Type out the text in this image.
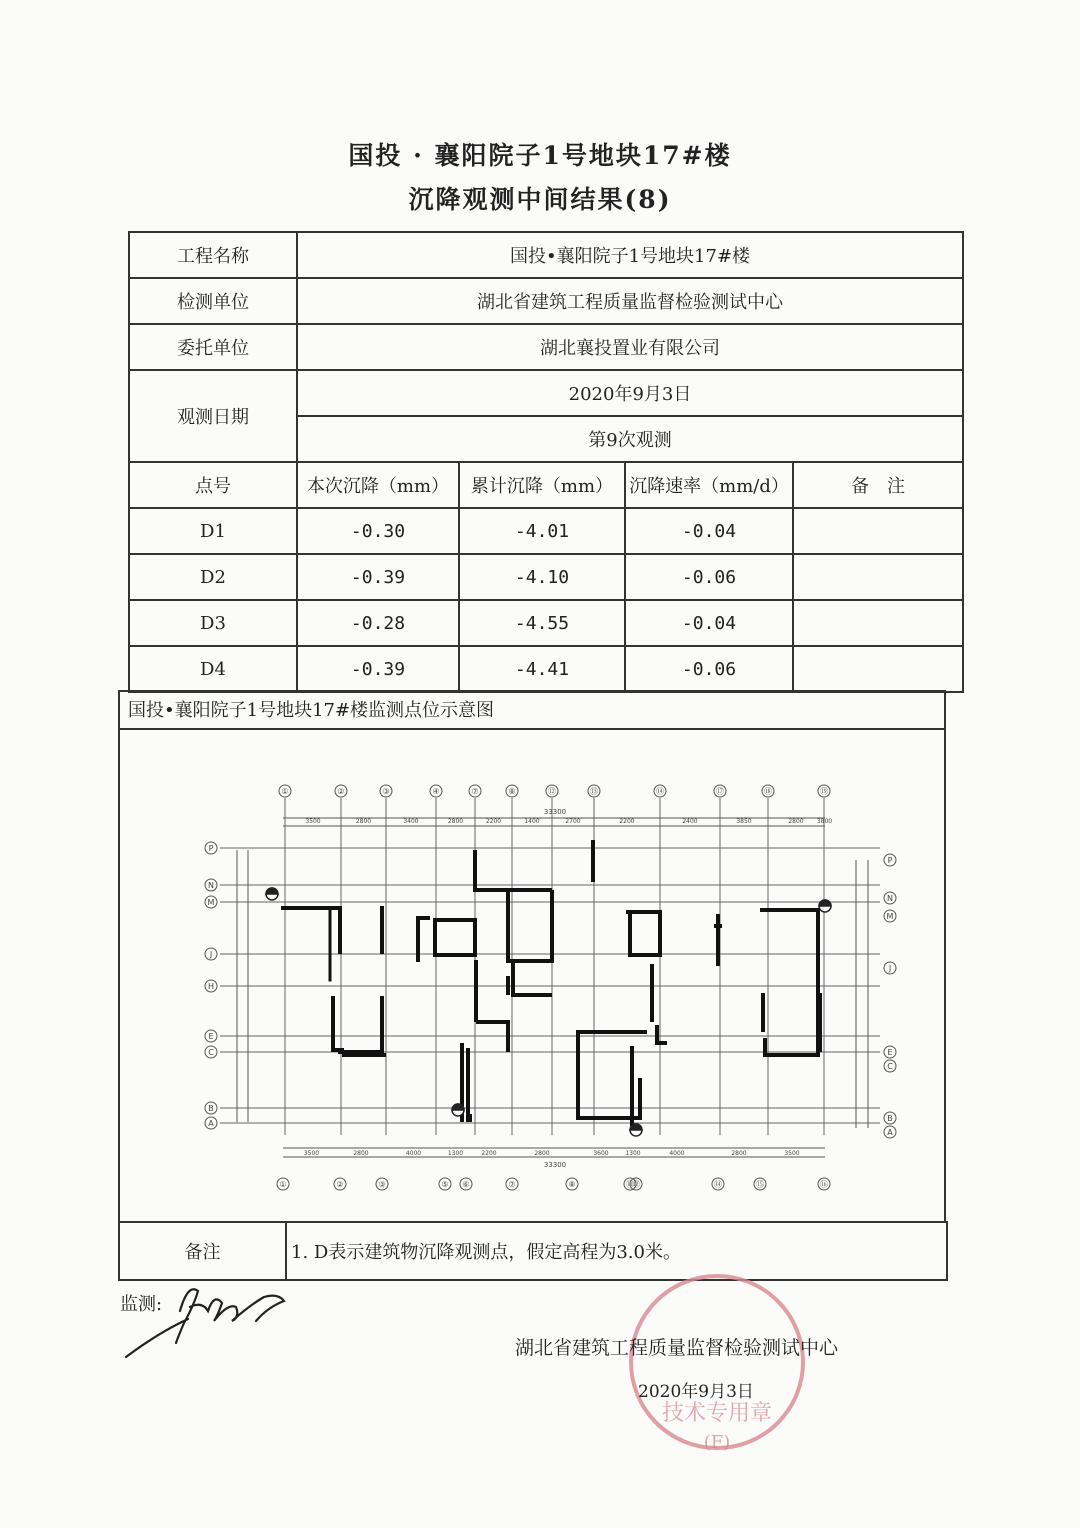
国投 · 襄阳院子1号地块17#楼
沉降观测中间结果(8)
工程名称	国投•襄阳院子1号地块17#楼			
检测单位	湖北省建筑工程质量监督检验测试中心			
委托单位	湖北襄投置业有限公司			
观测日期	2020年9月3日			
	第9次观测			
点号	本次沉降（mm）	累计沉降（mm）	沉降速率（mm/d）	备　注
D1	-0.30	-4.01	-0.04	
D2	-0.39	-4.10	-0.06	
D3	-0.28	-4.55	-0.04	
D4	-0.39	-4.41	-0.06	
国投•襄阳院子1号地块17#楼监测点位示意图
①	②	③	④	⑦	⑧	⑫	⑬	⑭	⑰	⑱	⑲
①	②	③	⑤ ⑥	⑦	⑧	⑪
⑫	⑭	⑮	⑯
P
N
M
J
H
E
C
B
A
P
N
M
J
E
C
B
A
33300
3500	2800	3400	2800	2200	1400	2700	2200	2400	3850	2800 3800
3500	2800	4000	1300	2200	2800	3600	1300	4000	2800	3500
33300
备注	1. D表示建筑物沉降观测点，假定高程为3.0米。
监测:
技术专用章
(F)
湖北省建筑工程质量监督检验测试中心
2020年9月3日
